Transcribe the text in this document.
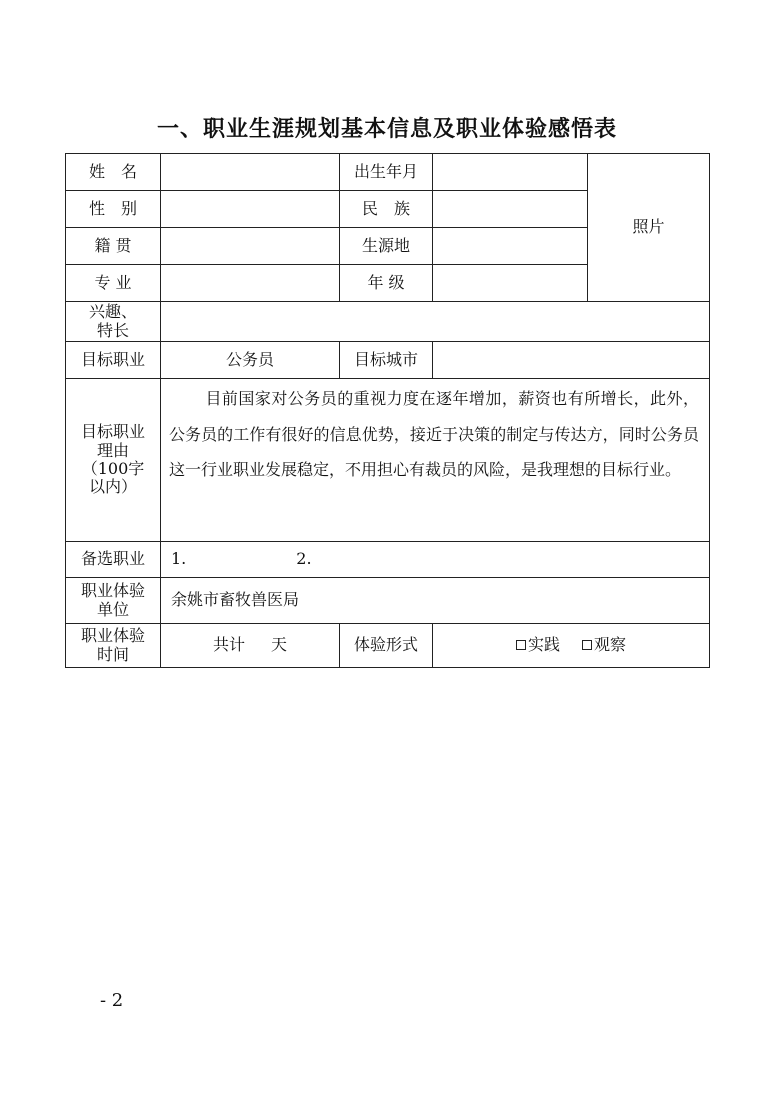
一、职业生涯规划基本信息及职业体验感悟表
姓　名		出生年月		照片
性　别		民　族		
籍 贯		生源地		
专 业		年 级		
兴趣、特长				
目标职业	公务员	目标城市		
目标职业理由（100字以内）	目前国家对公务员的重视力度在逐年增加，薪资也有所增长，此外，公务员的工作有很好的信息优势，接近于决策的制定与传达方，同时公务员这一行业职业发展稳定，不用担心有裁员的风险，是我理想的目标行业。			
备选职业	1. 2.			
职业体验单位	余姚市畜牧兽医局			
职业体验时间	共计 天	体验形式	实践 观察	
- 2
